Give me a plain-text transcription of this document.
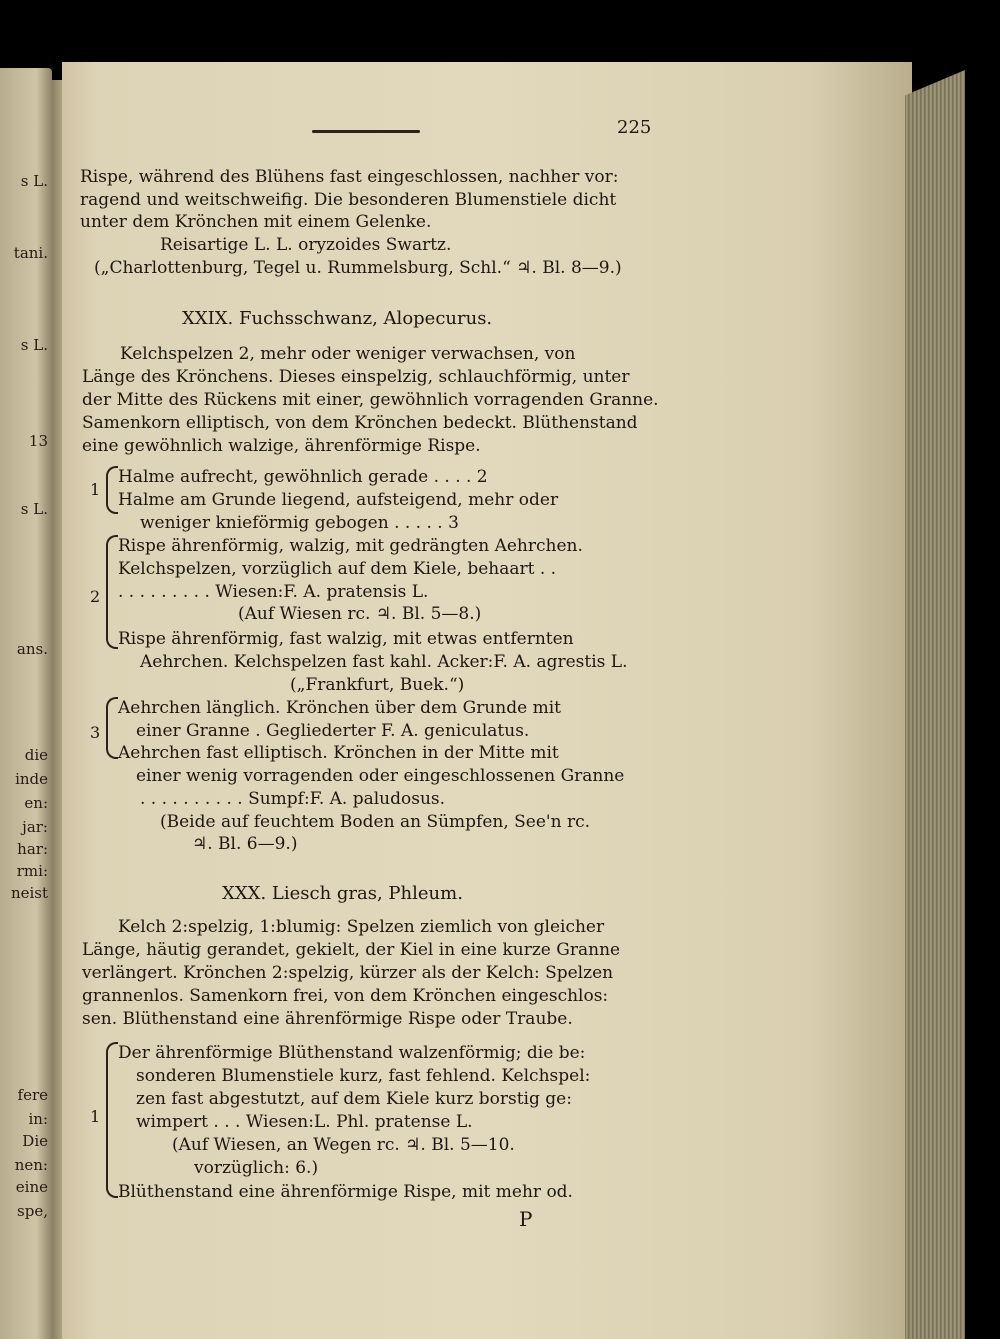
s L.
tani.
s L.
13
s L.
ans.
die
inde
en:
jar:
har:
rmi:
neist
fere
in:
Die
nen:
eine
spe,
225
Rispe, während des Blühens fast eingeschlossen, nachher vor:
ragend und weitschweifig. Die besonderen Blumenstiele dicht
unter dem Krönchen mit einem Gelenke.
Reisartige L. L. oryzoides Swartz.
(„Charlottenburg, Tegel u. Rummelsburg, Schl.“ ♃. Bl. 8—9.)
XXIX. Fuchsschwanz, Alopecurus.
Kelchspelzen 2, mehr oder weniger verwachsen, von
Länge des Krönchens. Dieses einspelzig, schlauchförmig, unter
der Mitte des Rückens mit einer, gewöhnlich vorragenden Granne.
Samenkorn elliptisch, von dem Krönchen bedeckt. Blüthenstand
eine gewöhnlich walzige, ährenförmige Rispe.
1
Halme aufrecht, gewöhnlich gerade . . . . 2
Halme am Grunde liegend, aufsteigend, mehr oder
weniger knieförmig gebogen . . . . . 3
2
Rispe ährenförmig, walzig, mit gedrängten Aehrchen.
Kelchspelzen, vorzüglich auf dem Kiele, behaart . .
. . . . . . . . . Wiesen:F. A. pratensis L.
(Auf Wiesen rc. ♃. Bl. 5—8.)
Rispe ährenförmig, fast walzig, mit etwas entfernten
Aehrchen. Kelchspelzen fast kahl. Acker:F. A. agrestis L.
(„Frankfurt, Buek.“)
3
Aehrchen länglich. Krönchen über dem Grunde mit
einer Granne . Gegliederter F. A. geniculatus.
Aehrchen fast elliptisch. Krönchen in der Mitte mit
einer wenig vorragenden oder eingeschlossenen Granne
. . . . . . . . . . Sumpf:F. A. paludosus.
(Beide auf feuchtem Boden an Sümpfen, See'n rc.
♃. Bl. 6—9.)
XXX. Liesch gras, Phleum.
Kelch 2:spelzig, 1:blumig: Spelzen ziemlich von gleicher
Länge, häutig gerandet, gekielt, der Kiel in eine kurze Granne
verlängert. Krönchen 2:spelzig, kürzer als der Kelch: Spelzen
grannenlos. Samenkorn frei, von dem Krönchen eingeschlos:
sen. Blüthenstand eine ährenförmige Rispe oder Traube.
1
Der ährenförmige Blüthenstand walzenförmig; die be:
sonderen Blumenstiele kurz, fast fehlend. Kelchspel:
zen fast abgestutzt, auf dem Kiele kurz borstig ge:
wimpert . . . Wiesen:L. Phl. pratense L.
(Auf Wiesen, an Wegen rc. ♃. Bl. 5—10.
vorzüglich: 6.)
Blüthenstand eine ährenförmige Rispe, mit mehr od.
P
